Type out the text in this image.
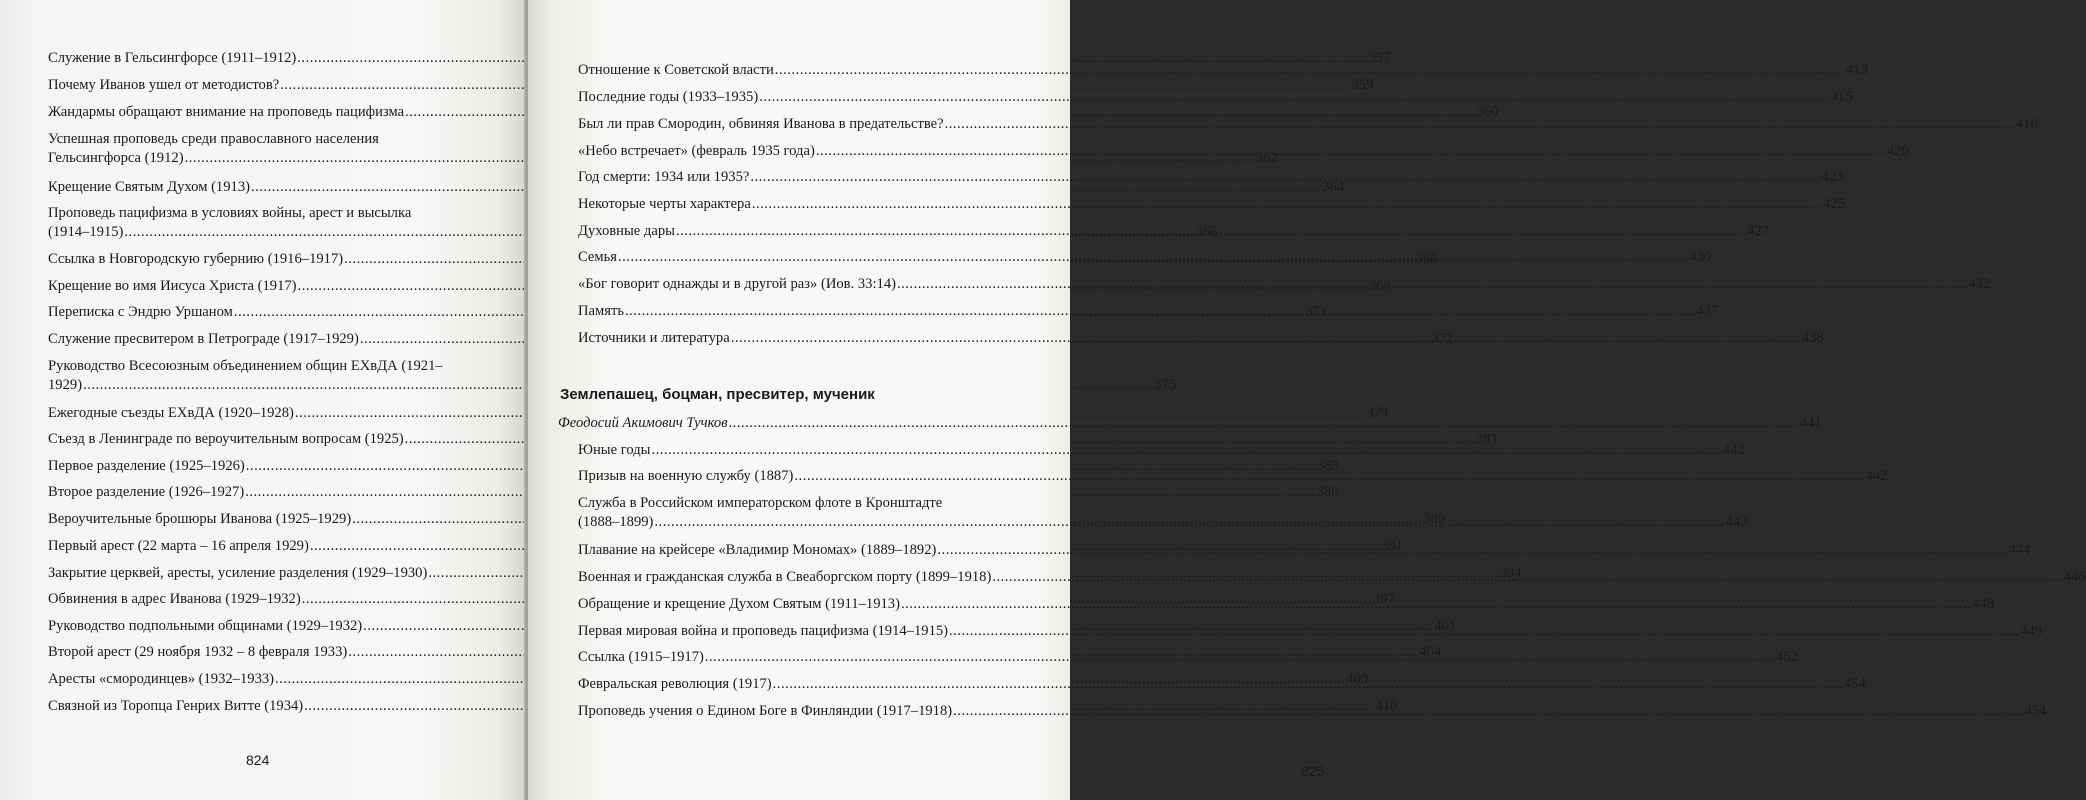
Служение в Гельсингфорсе (1911–1912) .....	357
Почему Иванов ушел от методистов? .....	359
Жандармы обращают внимание на проповедь пацифизма .....	360
Успешная проповедь среди православного населения
Гельсингфорса (1912) .....	362
Крещение Святым Духом (1913) .....	364
Проповедь пацифизма в условиях войны, арест и высылка
(1914–1915) .....	366
Ссылка в Новгородскую губернию (1916–1917) .....	368
Крещение во имя Иисуса Христа (1917) .....	369
Переписка с Эндрю Уршаном .....	371
Служение пресвитером в Петрограде (1917–1929) .....	372
Руководство Всесоюзным объединением общин ЕХвДА (1921–
1929) .....	375
Ежегодные съезды ЕХвДА (1920–1928) .....	379
Съезд в Ленинграде по вероучительным вопросам (1925) .....	381
Первое разделение (1925–1926) .....	383
Второе разделение (1926–1927) .....	386
Вероучительные брошюры Иванова (1925–1929) .....	389
Первый арест (22 марта – 16 апреля 1929) .....	391
Закрытие церквей, аресты, усиление разделения (1929–1930) .....	394
Обвинения в адрес Иванова (1929–1932) .....	397
Руководство подпольными общинами (1929–1932) .....	401
Второй арест (29 ноября 1932 – 8 февраля 1933) .....	404
Аресты «смородинцев» (1932–1933) .....	409
Связной из Торопца Генрих Витте (1934) .....	410
824
Отношение к Советской власти .....	413
Последние годы (1933–1935) .....	415
Был ли прав Смородин, обвиняя Иванова в предательстве? .....	416
«Небо встречает» (февраль 1935 года) .....	420
Год смерти: 1934 или 1935? .....	423
Некоторые черты характера .....	425
Духовные дары .....	427
Семья .....	430
«Бог говорит однажды и в другой раз» (Иов. 33:14) .....	432
Память .....	437
Источники и литература .....	438
Феодосий Акимович Тучков .....	441
Юные годы .....	442
Призыв на военную службу (1887) .....	442
Служба в Российском императорском флоте в Кронштадте
(1888–1899) .....	443
Плавание на крейсере «Владимир Мономах» (1889–1892) .....	444
Военная и гражданская служба в Свеаборгском порту (1899–1918) .....	446
Обращение и крещение Духом Святым (1911–1913) .....	448
Первая мировая война и проповедь пацифизма (1914–1915) .....	449
Ссылка (1915–1917) .....	452
Февральская революция (1917) .....	454
Проповедь учения о Едином Боге в Финляндии (1917–1918) .....	454
825
Землепашец, боцман, пресвитер, мученик
